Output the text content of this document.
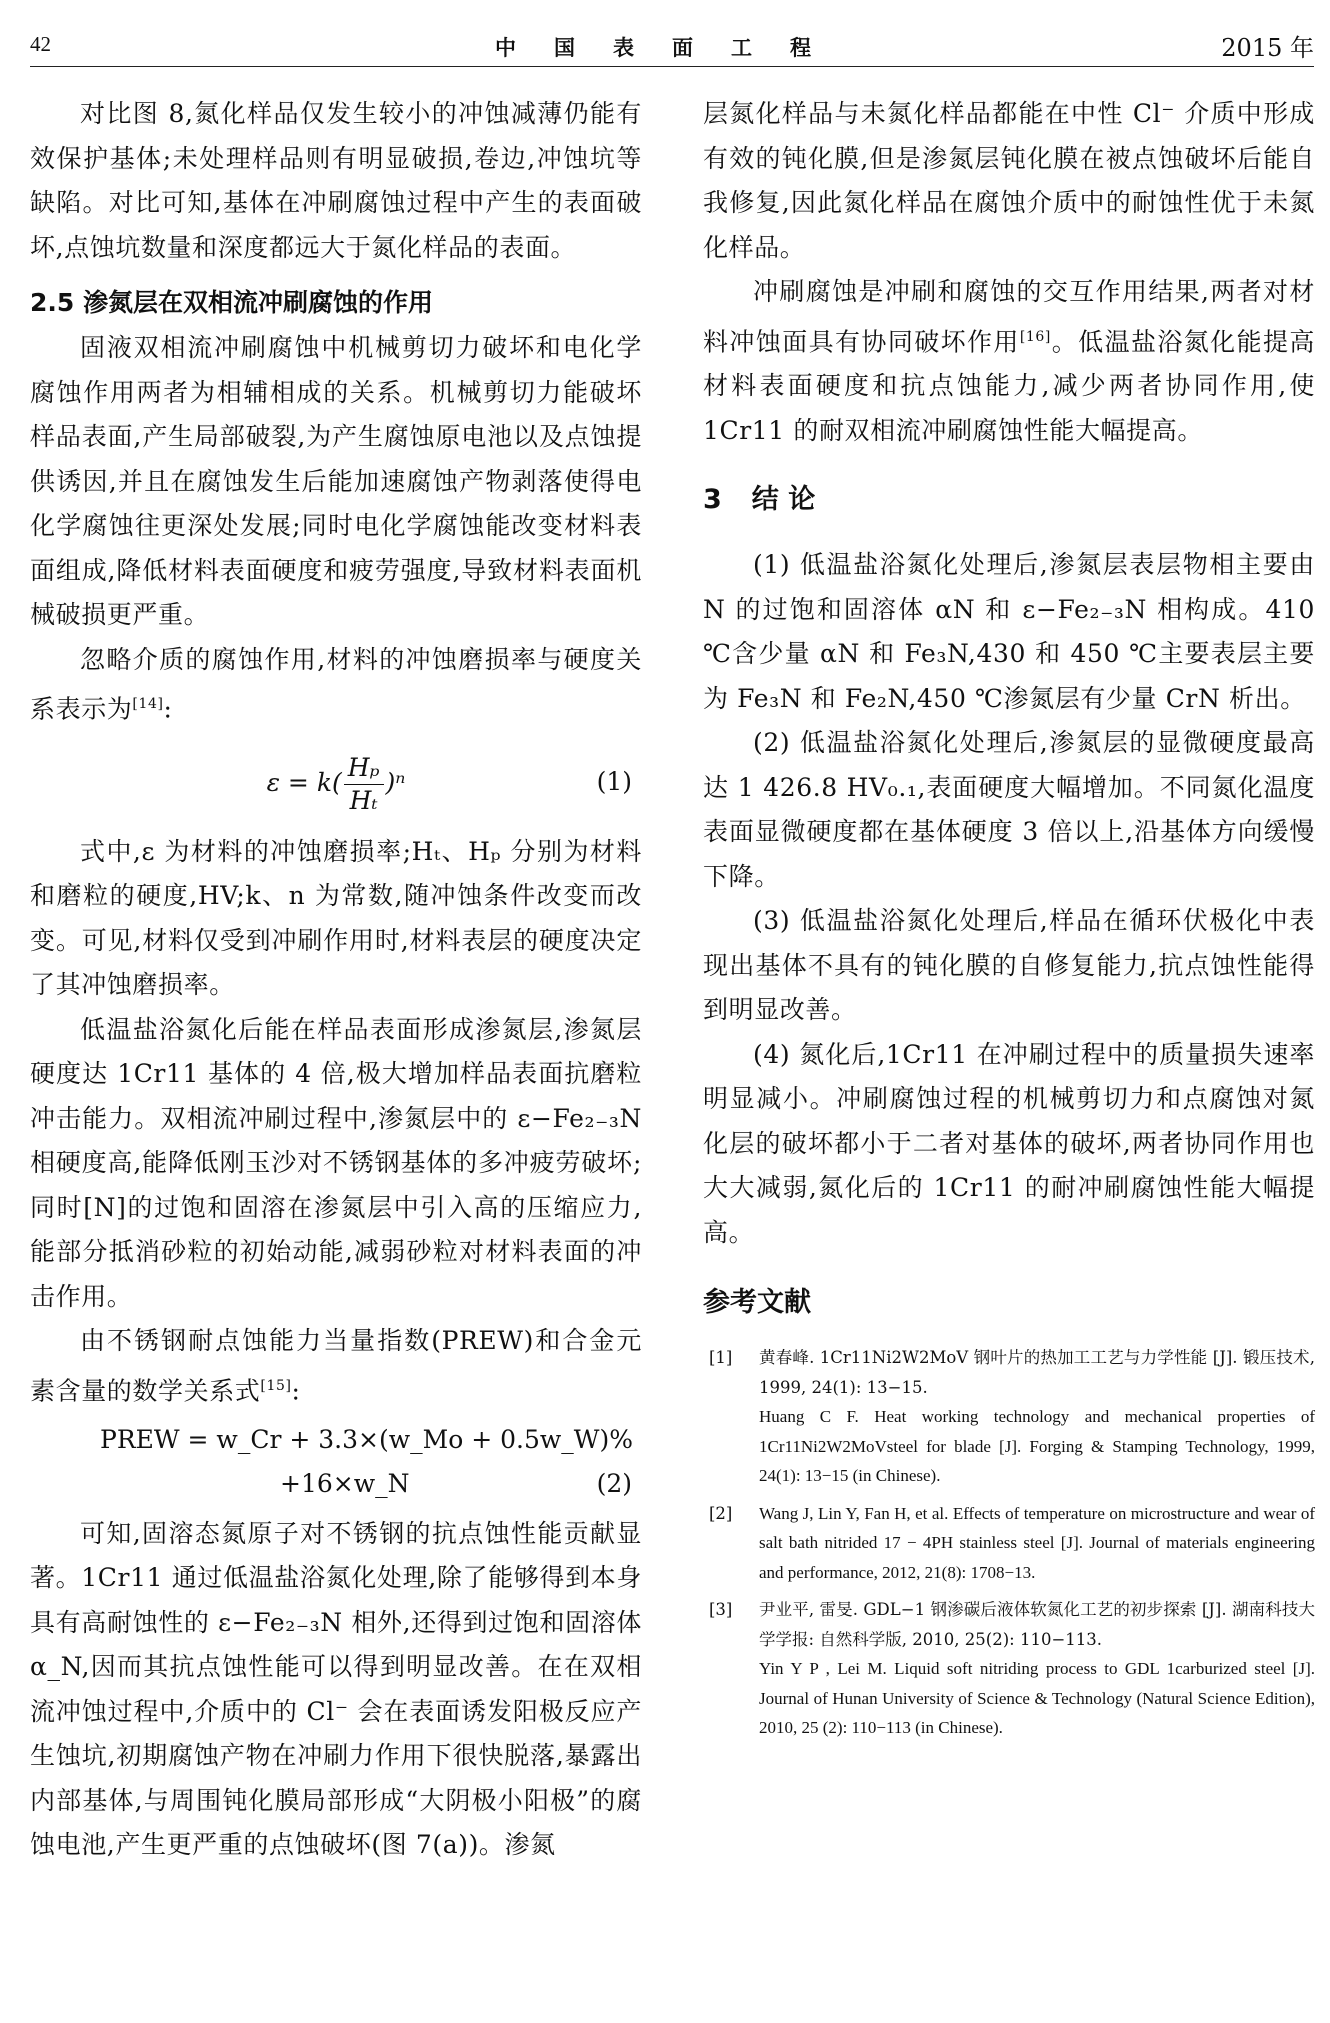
42	中国表面工程	2015 年

对比图 8,氮化样品仅发生较小的冲蚀减薄仍能有效保护基体;未处理样品则有明显破损,卷边,冲蚀坑等缺陷。对比可知,基体在冲刷腐蚀过程中产生的表面破坏,点蚀坑数量和深度都远大于氮化样品的表面。

2.5 渗氮层在双相流冲刷腐蚀的作用

固液双相流冲刷腐蚀中机械剪切力破坏和电化学腐蚀作用两者为相辅相成的关系。机械剪切力能破坏样品表面,产生局部破裂,为产生腐蚀原电池以及点蚀提供诱因,并且在腐蚀发生后能加速腐蚀产物剥落使得电化学腐蚀往更深处发展;同时电化学腐蚀能改变材料表面组成,降低材料表面硬度和疲劳强度,导致材料表面机械破损更严重。

忽略介质的腐蚀作用,材料的冲蚀磨损率与硬度关系表示为[14]:

$\varepsilon = k( \frac{\text{Hₚ}}{\text{Hₜ}} )^n$	(1)

式中,ε 为材料的冲蚀磨损率;Hₜ、Hₚ 分别为材料和磨粒的硬度,HV;k、n 为常数,随冲蚀条件改变而改变。可见,材料仅受到冲刷作用时,材料表层的硬度决定了其冲蚀磨损率。

低温盐浴氮化后能在样品表面形成渗氮层,渗氮层硬度达 1Cr11 基体的 4 倍,极大增加样品表面抗磨粒冲击能力。双相流冲刷过程中,渗氮层中的 ε−Fe₂₋₃N 相硬度高,能降低刚玉沙对不锈钢基体的多冲疲劳破坏;同时[N]的过饱和固溶在渗氮层中引入高的压缩应力,能部分抵消砂粒的初始动能,减弱砂粒对材料表面的冲击作用。

由不锈钢耐点蚀能力当量指数(PREW)和合金元素含量的数学关系式[15]:

PREW = w_Cr + 3.3×(w_Mo + 0.5w_W)%
+16×w_N	(2)

可知,固溶态氮原子对不锈钢的抗点蚀性能贡献显著。1Cr11 通过低温盐浴氮化处理,除了能够得到本身具有高耐蚀性的 ε−Fe₂₋₃N 相外,还得到过饱和固溶体 α_N,因而其抗点蚀性能可以得到明显改善。在在双相流冲蚀过程中,介质中的 Cl⁻ 会在表面诱发阳极反应产生蚀坑,初期腐蚀产物在冲刷力作用下很快脱落,暴露出内部基体,与周围钝化膜局部形成“大阴极小阳极”的腐蚀电池,产生更严重的点蚀破坏(图 7(a))。渗氮

层氮化样品与未氮化样品都能在中性 Cl⁻ 介质中形成有效的钝化膜,但是渗氮层钝化膜在被点蚀破坏后能自我修复,因此氮化样品在腐蚀介质中的耐蚀性优于未氮化样品。

冲刷腐蚀是冲刷和腐蚀的交互作用结果,两者对材料冲蚀面具有协同破坏作用[16]。低温盐浴氮化能提高材料表面硬度和抗点蚀能力,减少两者协同作用,使 1Cr11 的耐双相流冲刷腐蚀性能大幅提高。

3 结 论

(1) 低温盐浴氮化处理后,渗氮层表层物相主要由 N 的过饱和固溶体 αN 和 ε−Fe₂₋₃N 相构成。410 ℃含少量 αN 和 Fe₃N,430 和 450 ℃主要表层主要为 Fe₃N 和 Fe₂N,450 ℃渗氮层有少量 CrN 析出。

(2) 低温盐浴氮化处理后,渗氮层的显微硬度最高达 1 426.8 HV₀.₁,表面硬度大幅增加。不同氮化温度表面显微硬度都在基体硬度 3 倍以上,沿基体方向缓慢下降。

(3) 低温盐浴氮化处理后,样品在循环伏极化中表现出基体不具有的钝化膜的自修复能力,抗点蚀性能得到明显改善。

(4) 氮化后,1Cr11 在冲刷过程中的质量损失速率明显减小。冲刷腐蚀过程的机械剪切力和点腐蚀对氮化层的破坏都小于二者对基体的破坏,两者协同作用也大大减弱,氮化后的 1Cr11 的耐冲刷腐蚀性能大幅提高。

参考文献
[1] 黄春峰. 1Cr11Ni2W2MoV 钢叶片的热加工工艺与力学性能 [J]. 锻压技术, 1999, 24(1): 13−15.
Huang C F. Heat working technology and mechanical properties of 1Cr11Ni2W2MoVsteel for blade [J]. Forging & Stamping Technology, 1999, 24(1): 13−15 (in Chinese).
[2] Wang J, Lin Y, Fan H, et al. Effects of temperature on microstructure and wear of salt bath nitrided 17 − 4PH stainless steel [J]. Journal of materials engineering and performance, 2012, 21(8): 1708−13.
[3] 尹业平, 雷旻. GDL−1 钢渗碳后液体软氮化工艺的初步探索 [J]. 湖南科技大学学报: 自然科学版, 2010, 25(2): 110−113.
Yin Y P , Lei M. Liquid soft nitriding process to GDL 1carburized steel [J]. Journal of Hunan University of Science & Technology (Natural Science Edition), 2010, 25 (2): 110−113 (in Chinese).
